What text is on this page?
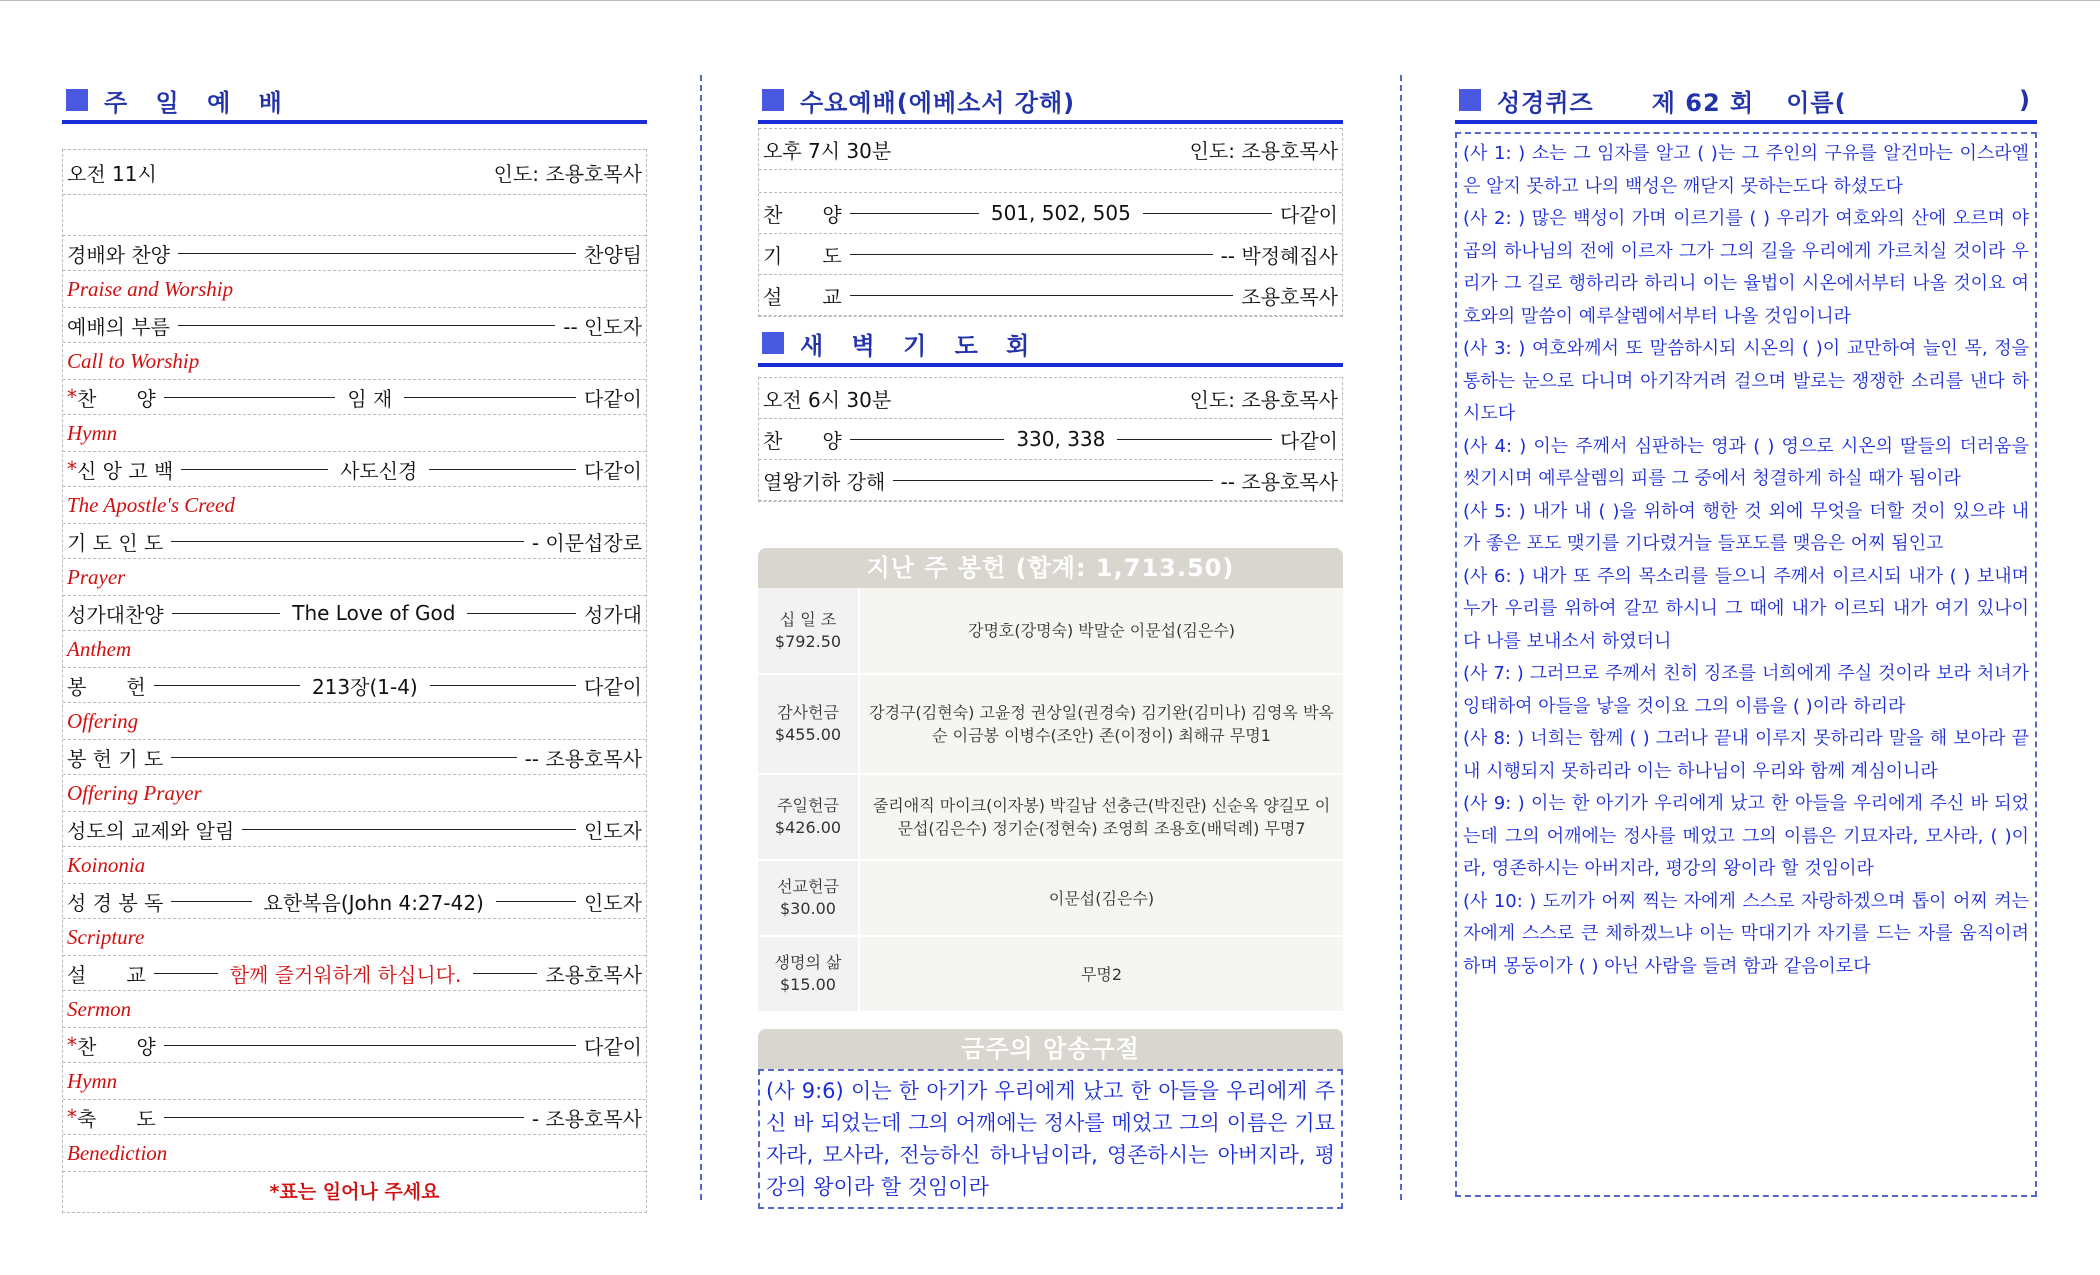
주 일 예 배
오전 11시	인도: 조용호목사
경배와 찬양	찬양팀
Praise and Worship
예배의 부름	-- 인도자
Call to Worship
* 찬　　양	임 재	다같이
Hymn
* 신 앙 고 백	사도신경	다같이
The Apostle's Creed
기 도 인 도	- 이문섭장로
Prayer
성가대찬양	The Love of God	성가대
Anthem
봉　　헌	213장(1-4)	다같이
Offering
봉 헌 기 도	-- 조용호목사
Offering Prayer
성도의 교제와 알림	인도자
Koinonia
성 경 봉 독	요한복음(John 4:27-42)	인도자
Scripture
설　　교	함께 즐거워하게 하십니다.	조용호목사
Sermon
* 찬　　양	다같이
Hymn
* 축　　도	- 조용호목사
Benediction
*표는 일어나 주세요
수요예배(에베소서 강해)
오후 7시 30분	인도: 조용호목사
찬　　양	501, 502, 505	다같이
기　　도	-- 박정혜집사
설　　교	조용호목사
새 벽 기 도 회
오전 6시 30분	인도: 조용호목사
찬　　양	330, 338	다같이
열왕기하 강해	-- 조용호목사
지난 주 봉헌 (합계: 1,713.50)
십 일 조
$792.50	강명호(강명숙) 박말순 이문섭(김은수)

감사헌금
$455.00	강경구(김현숙) 고윤정 권상일(권경숙) 김기완(김미나) 김영옥 박옥순 이금봉 이병수(조안) 존(이정이) 최해규 무명1

주일헌금
$426.00	줄리애직 마이크(이자봉) 박길남 선충근(박진란) 신순옥 양길모 이문섭(김은수) 정기순(정현숙) 조영희 조용호(배덕례) 무명7

선교헌금
$30.00	이문섭(김은수)

생명의 삶
$15.00	무명2
금주의 암송구절
(사 9:6) 이는 한 아기가 우리에게 났고 한 아들을 우리에게 주신 바 되었는데 그의 어깨에는 정사를 메었고 그의 이름은 기묘자라, 모사라, 전능하신 하나님이라, 영존하시는 아버지라, 평강의 왕이라 할 것임이라
성경퀴즈 제 62 회 이름(	)

(사 1: ) 소는 그 임자를 알고 ( )는 그 주인의 구유를 알건마는 이스라엘은 알지 못하고 나의 백성은 깨닫지 못하는도다 하셨도다

(사 2: ) 많은 백성이 가며 이르기를 ( ) 우리가 여호와의 산에 오르며 야곱의 하나님의 전에 이르자 그가 그의 길을 우리에게 가르치실 것이라 우리가 그 길로 행하리라 하리니 이는 율법이 시온에서부터 나올 것이요 여호와의 말씀이 예루살렘에서부터 나올 것임이니라

(사 3: ) 여호와께서 또 말씀하시되 시온의 ( )이 교만하여 늘인 목, 정을 통하는 눈으로 다니며 아기작거려 걸으며 발로는 쟁쟁한 소리를 낸다 하시도다

(사 4: ) 이는 주께서 심판하는 영과 ( ) 영으로 시온의 딸들의 더러움을 씻기시며 예루살렘의 피를 그 중에서 청결하게 하실 때가 됨이라

(사 5: ) 내가 내 ( )을 위하여 행한 것 외에 무엇을 더할 것이 있으랴 내가 좋은 포도 맺기를 기다렸거늘 들포도를 맺음은 어찌 됨인고

(사 6: ) 내가 또 주의 목소리를 들으니 주께서 이르시되 내가 ( ) 보내며 누가 우리를 위하여 갈꼬 하시니 그 때에 내가 이르되 내가 여기 있나이다 나를 보내소서 하였더니

(사 7: ) 그러므로 주께서 친히 징조를 너희에게 주실 것이라 보라 처녀가 잉태하여 아들을 낳을 것이요 그의 이름을 ( )이라 하리라

(사 8: ) 너희는 함께 ( ) 그러나 끝내 이루지 못하리라 말을 해 보아라 끝내 시행되지 못하리라 이는 하나님이 우리와 함께 계심이니라

(사 9: ) 이는 한 아기가 우리에게 났고 한 아들을 우리에게 주신 바 되었는데 그의 어깨에는 정사를 메었고 그의 이름은 기묘자라, 모사라, ( )이라, 영존하시는 아버지라, 평강의 왕이라 할 것임이라

(사 10: ) 도끼가 어찌 찍는 자에게 스스로 자랑하겠으며 톱이 어찌 켜는 자에게 스스로 큰 체하겠느냐 이는 막대기가 자기를 드는 자를 움직이려 하며 몽둥이가 ( ) 아닌 사람을 들려 함과 같음이로다
